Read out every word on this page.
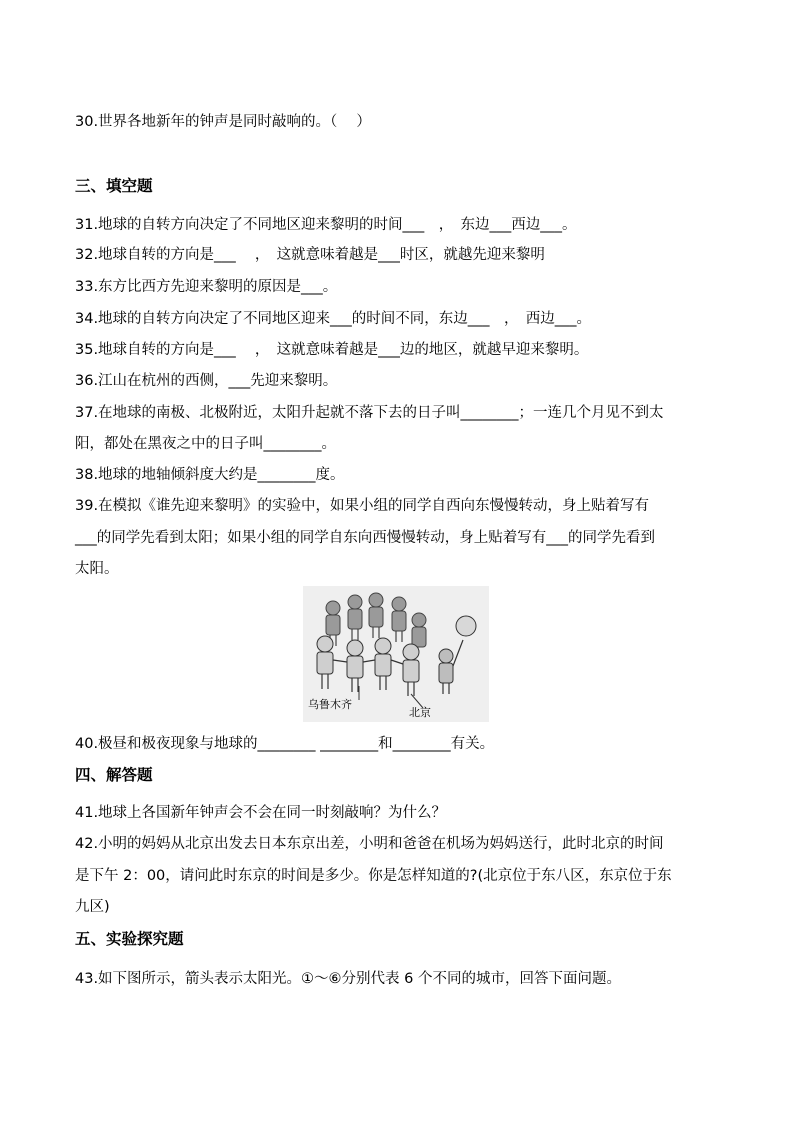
30.世界各地新年的钟声是同时敲响的。（　 ）
三、填空题
31.地球的自转方向决定了不同地区迎来黎明的时间___　，　东边___西边___。
32.地球自转的方向是___　 ，　这就意味着越是___时区，就越先迎来黎明
33.东方比西方先迎来黎明的原因是___。
34.地球的自转方向决定了不同地区迎来___的时间不同，东边___　，　西边___。
35.地球自转的方向是___　 ，　这就意味着越是___边的地区，就越早迎来黎明。
36.江山在杭州的西侧，___先迎来黎明。
37.在地球的南极、北极附近，太阳升起就不落下去的日子叫________；一连几个月见不到太
阳，都处在黑夜之中的日子叫________。
38.地球的地轴倾斜度大约是________度。
39.在模拟《谁先迎来黎明》的实验中，如果小组的同学自西向东慢慢转动，身上贴着写有
___的同学先看到太阳；如果小组的同学自东向西慢慢转动，身上贴着写有___的同学先看到
太阳。
乌鲁木齐
北京
40.极昼和极夜现象与地球的________ ________和________有关。
四、解答题
41.地球上各国新年钟声会不会在同一时刻敲响？为什么？
42.小明的妈妈从北京出发去日本东京出差，小明和爸爸在机场为妈妈送行，此时北京的时间
是下午 2：00，请问此时东京的时间是多少。你是怎样知道的?(北京位于东八区，东京位于东
九区)
五、实验探究题
43.如下图所示，箭头表示太阳光。①～⑥分别代表 6 个不同的城市，回答下面问题。
